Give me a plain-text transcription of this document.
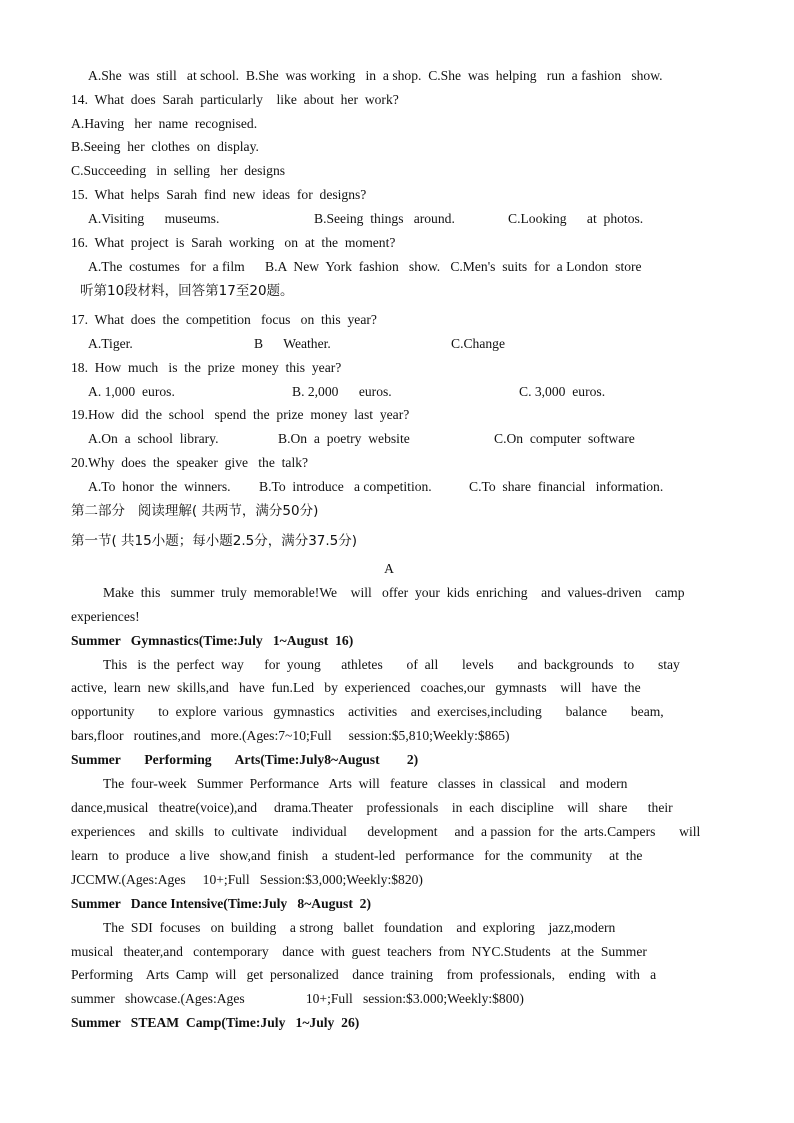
A.She  was  still   at school.  B.She  was working   in  a shop.  C.She  was  helping   run  a fashion   show.
14.  What  does  Sarah  particularly    like  about  her  work?
A.Having   her  name  recognised.
B.Seeing  her  clothes  on  display.
C.Succeeding   in  selling   her  designs
15.  What  helps  Sarah  find  new  ideas  for  designs?
A.Visiting      museums.	B.Seeing  things   around.	C.Looking      at  photos.
16.  What  project  is  Sarah  working   on  at  the  moment?
A.The  costumes   for  a film      B.A  New  York  fashion   show.   C.Men's  suits  for  a London  store
听第10段材料，回答第17至20题。
17.  What  does  the  competition   focus   on  this  year?
A.Tiger.	B      Weather.	C.Change
18.  How  much   is  the  prize  money  this  year?
A. 1,000  euros.	B. 2,000      euros.	C. 3,000  euros.
19.How  did  the  school   spend  the  prize  money  last  year?
A.On  a  school  library.	B.On  a  poetry  website	C.On  computer  software
20.Why  does  the  speaker  give   the  talk?
A.To  honor  the  winners. B.To  introduce   a competition.	C.To  share  financial   information.
第二部分   阅读理解( 共两节，满分50分)
第一节( 共15小题；每小题2.5分，满分37.5分)
A
Make  this   summer  truly  memorable!We    will   offer  your  kids  enriching    and  values-driven    camp
experiences!
Summer   Gymnastics(Time:July   1~August  16)
This   is  the  perfect  way      for  young      athletes       of  all       levels       and  backgrounds   to       stay
active,  learn  new  skills,and   have  fun.Led   by  experienced   coaches,our   gymnasts    will   have  the
opportunity       to  explore  various   gymnastics    activities    and  exercises,including       balance       beam,
bars,floor   routines,and   more.(Ages:7~10;Full     session:$5,810;Weekly:$865)
Summer       Performing       Arts(Time:July8~August        2)
The  four-week   Summer  Performance   Arts  will   feature   classes  in  classical    and  modern
dance,musical   theatre(voice),and     drama.Theater    professionals    in  each  discipline    will   share      their
experiences    and  skills   to  cultivate    individual      development     and  a passion  for  the  arts.Campers       will
learn   to  produce   a live   show,and  finish    a  student-led   performance   for  the  community     at  the
JCCMW.(Ages:Ages     10+;Full   Session:$3,000;Weekly:$820)
Summer   Dance Intensive(Time:July   8~August  2)
The  SDI  focuses   on  building    a strong   ballet   foundation    and  exploring    jazz,modern
musical   theater,and   contemporary    dance  with  guest  teachers  from  NYC.Students   at  the  Summer
Performing    Arts  Camp  will   get  personalized    dance  training    from  professionals,    ending   with   a
summer   showcase.(Ages:Ages                  10+;Full   session:$3.000;Weekly:$800)
Summer   STEAM  Camp(Time:July   1~July  26)
